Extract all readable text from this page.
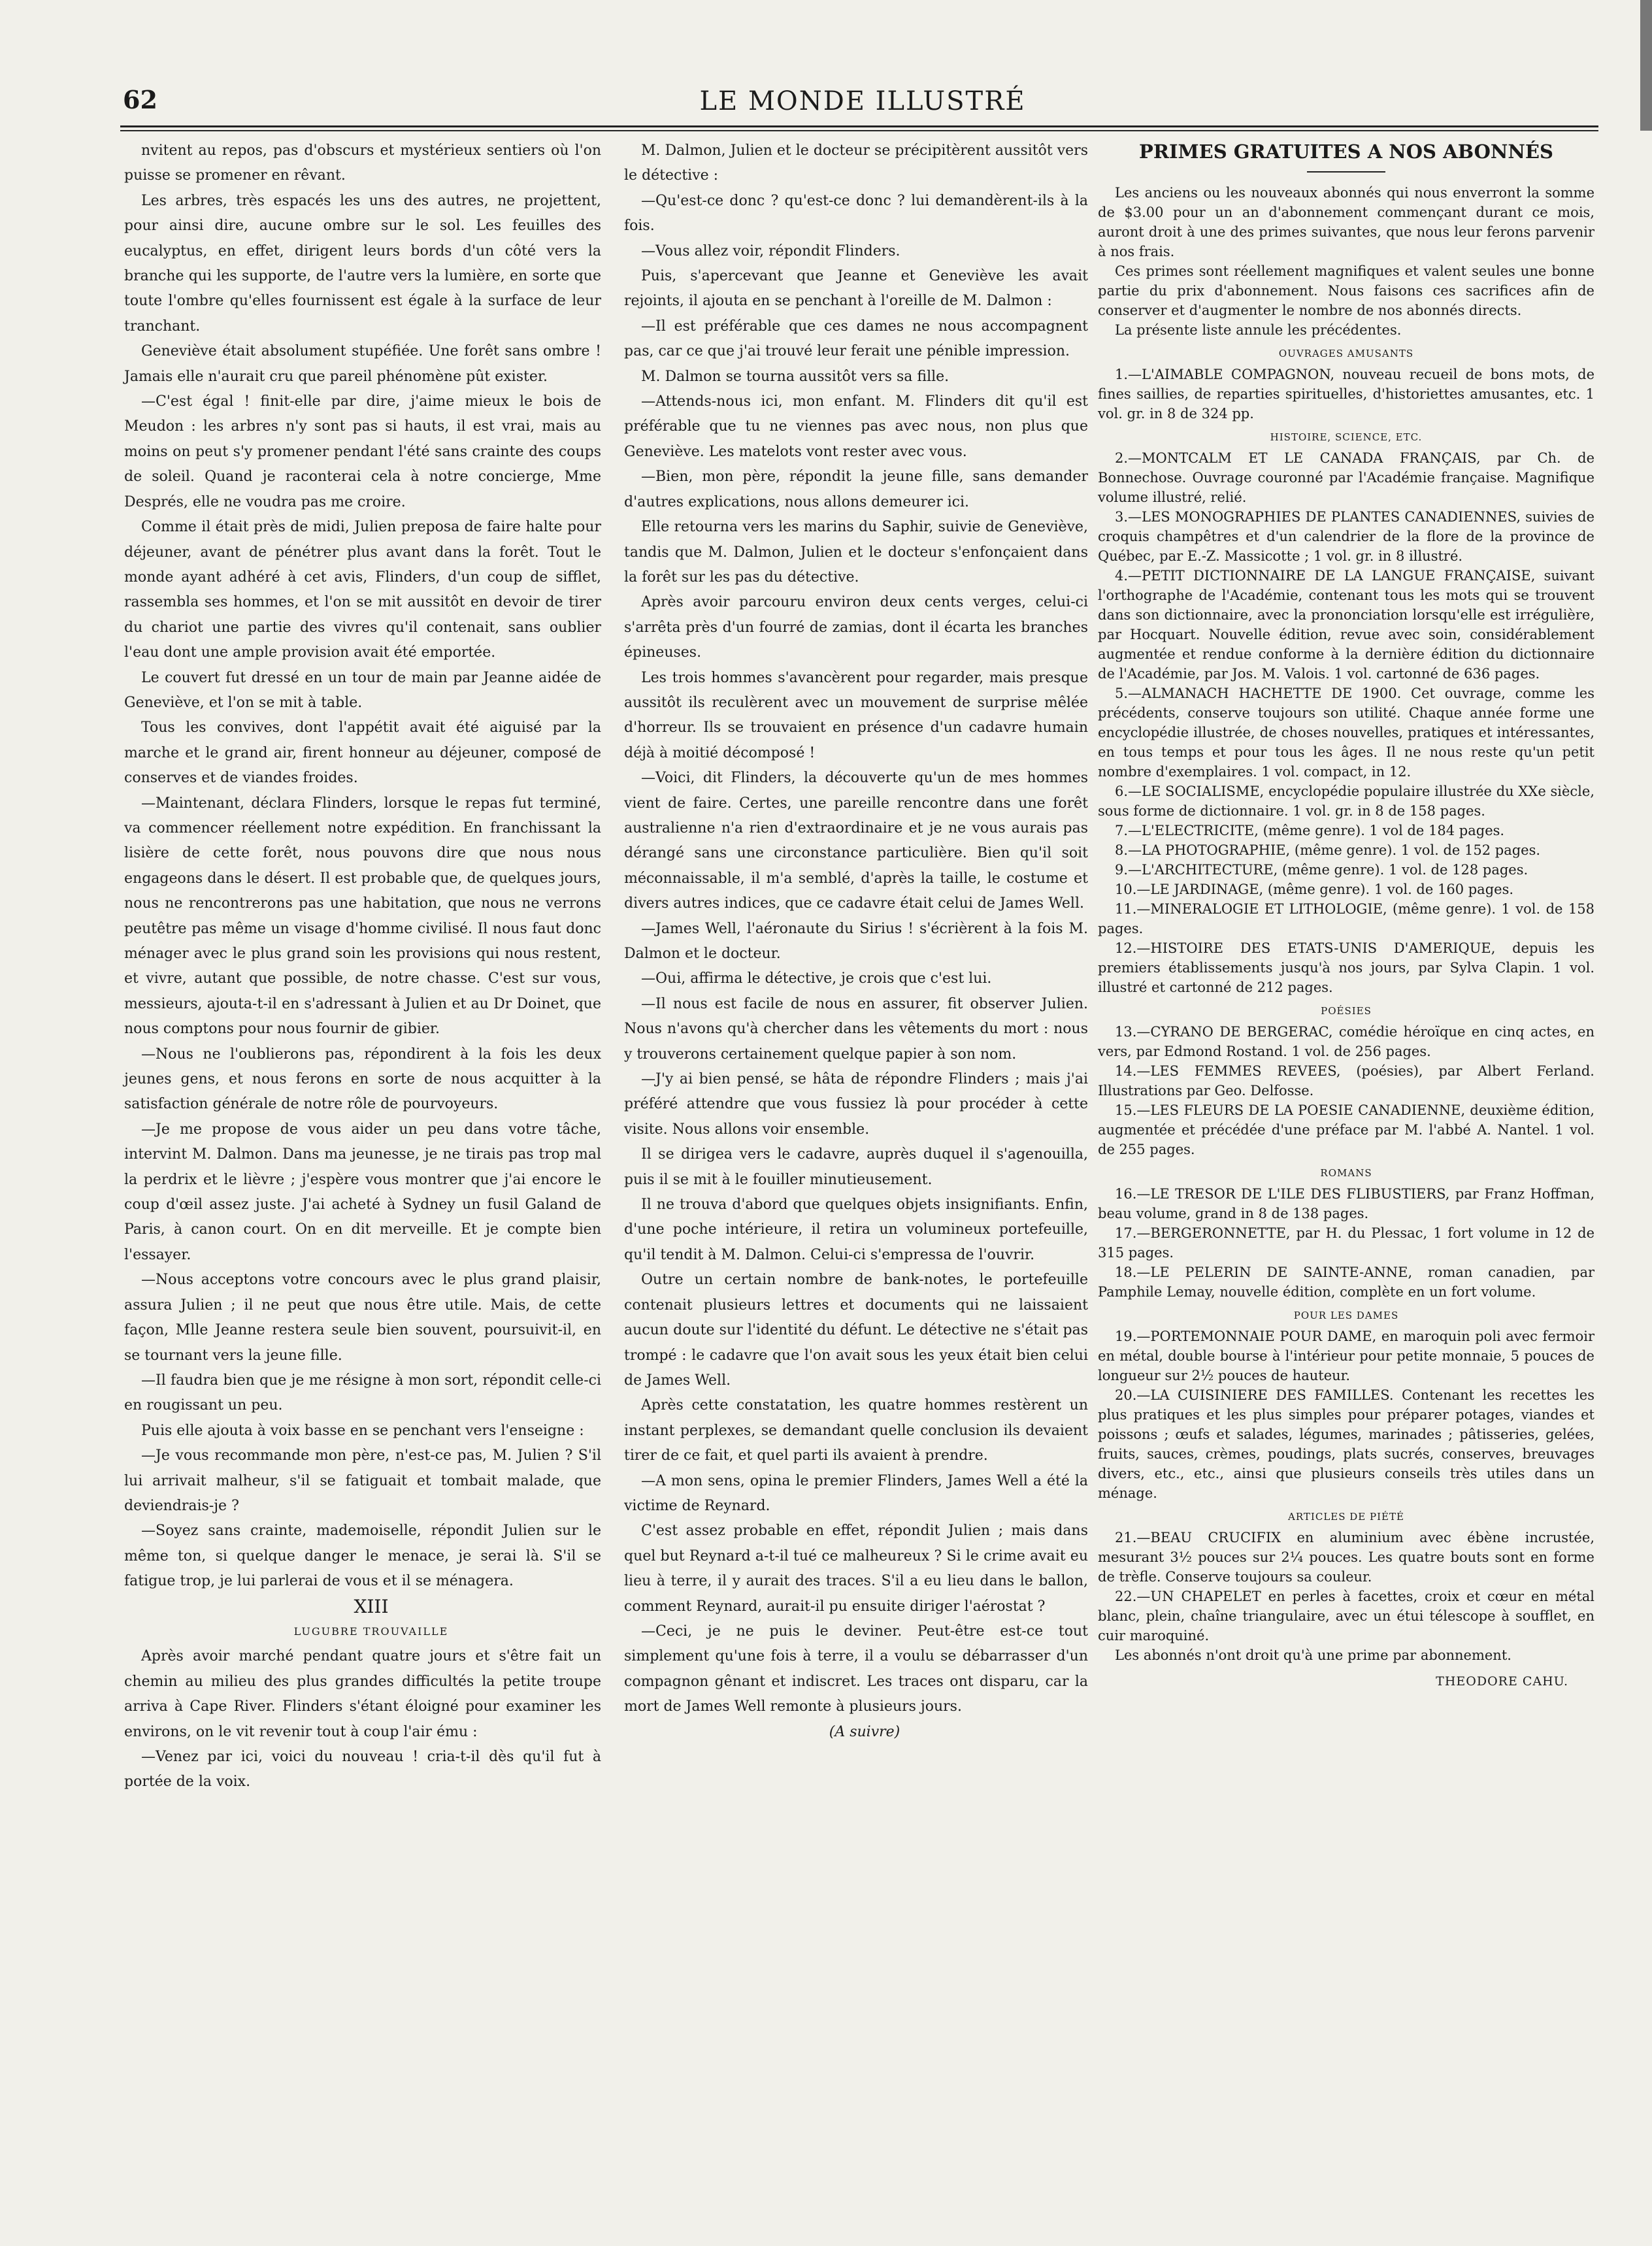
62	LE MONDE ILLUSTRÉ

nvitent au repos, pas d'obscurs et mystérieux sentiers où l'on puisse se promener en rêvant.

Les arbres, très espacés les uns des autres, ne projettent, pour ainsi dire, aucune ombre sur le sol. Les feuilles des eucalyptus, en effet, dirigent leurs bords d'un côté vers la branche qui les supporte, de l'autre vers la lumière, en sorte que toute l'ombre qu'elles fournissent est égale à la surface de leur tranchant.

Geneviève était absolument stupéfiée. Une forêt sans ombre ! Jamais elle n'aurait cru que pareil phénomène pût exister.

—C'est égal ! finit-elle par dire, j'aime mieux le bois de Meudon : les arbres n'y sont pas si hauts, il est vrai, mais au moins on peut s'y promener pendant l'été sans crainte des coups de soleil. Quand je raconterai cela à notre concierge, Mme Després, elle ne voudra pas me croire.

Comme il était près de midi, Julien preposa de faire halte pour déjeuner, avant de pénétrer plus avant dans la forêt. Tout le monde ayant adhéré à cet avis, Flinders, d'un coup de sifflet, rassembla ses hommes, et l'on se mit aussitôt en devoir de tirer du chariot une partie des vivres qu'il contenait, sans oublier l'eau dont une ample provision avait été emportée.

Le couvert fut dressé en un tour de main par Jeanne aidée de Geneviève, et l'on se mit à table.

Tous les convives, dont l'appétit avait été aiguisé par la marche et le grand air, firent honneur au déjeuner, composé de conserves et de viandes froides.

—Maintenant, déclara Flinders, lorsque le repas fut terminé, va commencer réellement notre expédition. En franchissant la lisière de cette forêt, nous pouvons dire que nous nous engageons dans le désert. Il est probable que, de quelques jours, nous ne rencontrerons pas une habitation, que nous ne verrons peutêtre pas même un visage d'homme civilisé. Il nous faut donc ménager avec le plus grand soin les provisions qui nous restent, et vivre, autant que possible, de notre chasse. C'est sur vous, messieurs, ajouta-t-il en s'adressant à Julien et au Dr Doinet, que nous comptons pour nous fournir de gibier.

—Nous ne l'oublierons pas, répondirent à la fois les deux jeunes gens, et nous ferons en sorte de nous acquitter à la satisfaction générale de notre rôle de pourvoyeurs.

—Je me propose de vous aider un peu dans votre tâche, intervint M. Dalmon. Dans ma jeunesse, je ne tirais pas trop mal la perdrix et le lièvre ; j'espère vous montrer que j'ai encore le coup d'œil assez juste. J'ai acheté à Sydney un fusil Galand de Paris, à canon court. On en dit merveille. Et je compte bien l'essayer.

—Nous acceptons votre concours avec le plus grand plaisir, assura Julien ; il ne peut que nous être utile. Mais, de cette façon, Mlle Jeanne restera seule bien souvent, poursuivit-il, en se tournant vers la jeune fille.

—Il faudra bien que je me résigne à mon sort, répondit celle-ci en rougissant un peu.

Puis elle ajouta à voix basse en se penchant vers l'enseigne :

—Je vous recommande mon père, n'est-ce pas, M. Julien ? S'il lui arrivait malheur, s'il se fatiguait et tombait malade, que deviendrais-je ?

—Soyez sans crainte, mademoiselle, répondit Julien sur le même ton, si quelque danger le menace, je serai là. S'il se fatigue trop, je lui parlerai de vous et il se ménagera.

XIII

LUGUBRE TROUVAILLE

Après avoir marché pendant quatre jours et s'être fait un chemin au milieu des plus grandes difficultés la petite troupe arriva à Cape River. Flinders s'étant éloigné pour examiner les environs, on le vit revenir tout à coup l'air ému :

—Venez par ici, voici du nouveau ! cria-t-il dès qu'il fut à portée de la voix.

M. Dalmon, Julien et le docteur se précipitèrent aussitôt vers le détective :

—Qu'est-ce donc ? qu'est-ce donc ? lui demandèrent-ils à la fois.

—Vous allez voir, répondit Flinders.

Puis, s'apercevant que Jeanne et Geneviève les avait rejoints, il ajouta en se penchant à l'oreille de M. Dalmon :

—Il est préférable que ces dames ne nous accompagnent pas, car ce que j'ai trouvé leur ferait une pénible impression.

M. Dalmon se tourna aussitôt vers sa fille.

—Attends-nous ici, mon enfant. M. Flinders dit qu'il est préférable que tu ne viennes pas avec nous, non plus que Geneviève. Les matelots vont rester avec vous.

—Bien, mon père, répondit la jeune fille, sans demander d'autres explications, nous allons demeurer ici.

Elle retourna vers les marins du Saphir, suivie de Geneviève, tandis que M. Dalmon, Julien et le docteur s'enfonçaient dans la forêt sur les pas du détective.

Après avoir parcouru environ deux cents verges, celui-ci s'arrêta près d'un fourré de zamias, dont il écarta les branches épineuses.

Les trois hommes s'avancèrent pour regarder, mais presque aussitôt ils reculèrent avec un mouvement de surprise mêlée d'horreur. Ils se trouvaient en présence d'un cadavre humain déjà à moitié décomposé !

—Voici, dit Flinders, la découverte qu'un de mes hommes vient de faire. Certes, une pareille rencontre dans une forêt australienne n'a rien d'extraordinaire et je ne vous aurais pas dérangé sans une circonstance particulière. Bien qu'il soit méconnaissable, il m'a semblé, d'après la taille, le costume et divers autres indices, que ce cadavre était celui de James Well.

—James Well, l'aéronaute du Sirius ! s'écrièrent à la fois M. Dalmon et le docteur.

—Oui, affirma le détective, je crois que c'est lui.

—Il nous est facile de nous en assurer, fit observer Julien. Nous n'avons qu'à chercher dans les vêtements du mort : nous y trouverons certainement quelque papier à son nom.

—J'y ai bien pensé, se hâta de répondre Flinders ; mais j'ai préféré attendre que vous fussiez là pour procéder à cette visite. Nous allons voir ensemble.

Il se dirigea vers le cadavre, auprès duquel il s'agenouilla, puis il se mit à le fouiller minutieusement.

Il ne trouva d'abord que quelques objets insignifiants. Enfin, d'une poche intérieure, il retira un volumineux portefeuille, qu'il tendit à M. Dalmon. Celui-ci s'empressa de l'ouvrir.

Outre un certain nombre de bank-notes, le portefeuille contenait plusieurs lettres et documents qui ne laissaient aucun doute sur l'identité du défunt. Le détective ne s'était pas trompé : le cadavre que l'on avait sous les yeux était bien celui de James Well.

Après cette constatation, les quatre hommes restèrent un instant perplexes, se demandant quelle conclusion ils devaient tirer de ce fait, et quel parti ils avaient à prendre.

—A mon sens, opina le premier Flinders, James Well a été la victime de Reynard.

C'est assez probable en effet, répondit Julien ; mais dans quel but Reynard a-t-il tué ce malheureux ? Si le crime avait eu lieu à terre, il y aurait des traces. S'il a eu lieu dans le ballon, comment Reynard, aurait-il pu ensuite diriger l'aérostat ?

—Ceci, je ne puis le deviner. Peut-être est-ce tout simplement qu'une fois à terre, il a voulu se débarrasser d'un compagnon gênant et indiscret. Les traces ont disparu, car la mort de James Well remonte à plusieurs jours.

(A suivre)

PRIMES GRATUITES A NOS ABONNÉS

Les anciens ou les nouveaux abonnés qui nous enverront la somme de $3.00 pour un an d'abonnement commençant durant ce mois, auront droit à une des primes suivantes, que nous leur ferons parvenir à nos frais.

Ces primes sont réellement magnifiques et valent seules une bonne partie du prix d'abonnement. Nous faisons ces sacrifices afin de conserver et d'augmenter le nombre de nos abonnés directs.

La présente liste annule les précédentes.

OUVRAGES AMUSANTS

1.—L'AIMABLE COMPAGNON, nouveau recueil de bons mots, de fines saillies, de reparties spirituelles, d'historiettes amusantes, etc. 1 vol. gr. in 8 de 324 pp.

HISTOIRE, SCIENCE, ETC.

2.—MONTCALM ET LE CANADA FRANÇAIS, par Ch. de Bonnechose. Ouvrage couronné par l'Académie française. Magnifique volume illustré, relié.

3.—LES MONOGRAPHIES DE PLANTES CANADIENNES, suivies de croquis champêtres et d'un calendrier de la flore de la province de Québec, par E.-Z. Massicotte ; 1 vol. gr. in 8 illustré.

4.—PETIT DICTIONNAIRE DE LA LANGUE FRANÇAISE, suivant l'orthographe de l'Académie, contenant tous les mots qui se trouvent dans son dictionnaire, avec la prononciation lorsqu'elle est irrégulière, par Hocquart. Nouvelle édition, revue avec soin, considérablement augmentée et rendue conforme à la dernière édition du dictionnaire de l'Académie, par Jos. M. Valois. 1 vol. cartonné de 636 pages.

5.—ALMANACH HACHETTE DE 1900. Cet ouvrage, comme les précédents, conserve toujours son utilité. Chaque année forme une encyclopédie illustrée, de choses nouvelles, pratiques et intéressantes, en tous temps et pour tous les âges. Il ne nous reste qu'un petit nombre d'exemplaires. 1 vol. compact, in 12.

6.—LE SOCIALISME, encyclopédie populaire illustrée du XXe siècle, sous forme de dictionnaire. 1 vol. gr. in 8 de 158 pages.

7.—L'ELECTRICITE, (même genre). 1 vol de 184 pages.

8.—LA PHOTOGRAPHIE, (même genre). 1 vol. de 152 pages.

9.—L'ARCHITECTURE, (même genre). 1 vol. de 128 pages.

10.—LE JARDINAGE, (même genre). 1 vol. de 160 pages.

11.—MINERALOGIE ET LITHOLOGIE, (même genre). 1 vol. de 158 pages.

12.—HISTOIRE DES ETATS-UNIS D'AMERIQUE, depuis les premiers établissements jusqu'à nos jours, par Sylva Clapin. 1 vol. illustré et cartonné de 212 pages.

POÉSIES

13.—CYRANO DE BERGERAC, comédie héroïque en cinq actes, en vers, par Edmond Rostand. 1 vol. de 256 pages.

14.—LES FEMMES REVEES, (poésies), par Albert Ferland. Illustrations par Geo. Delfosse.

15.—LES FLEURS DE LA POESIE CANADIENNE, deuxième édition, augmentée et précédée d'une préface par M. l'abbé A. Nantel. 1 vol. de 255 pages.

ROMANS

16.—LE TRESOR DE L'ILE DES FLIBUSTIERS, par Franz Hoffman, beau volume, grand in 8 de 138 pages.

17.—BERGERONNETTE, par H. du Plessac, 1 fort volume in 12 de 315 pages.

18.—LE PELERIN DE SAINTE-ANNE, roman canadien, par Pamphile Lemay, nouvelle édition, complète en un fort volume.

POUR LES DAMES

19.—PORTEMONNAIE POUR DAME, en maroquin poli avec fermoir en métal, double bourse à l'intérieur pour petite monnaie, 5 pouces de longueur sur 2½ pouces de hauteur.

20.—LA CUISINIERE DES FAMILLES. Contenant les recettes les plus pratiques et les plus simples pour préparer potages, viandes et poissons ; œufs et salades, légumes, marinades ; pâtisseries, gelées, fruits, sauces, crèmes, poudings, plats sucrés, conserves, breuvages divers, etc., etc., ainsi que plusieurs conseils très utiles dans un ménage.

ARTICLES DE PIÉTÉ

21.—BEAU CRUCIFIX en aluminium avec ébène incrustée, mesurant 3½ pouces sur 2¼ pouces. Les quatre bouts sont en forme de trèfle. Conserve toujours sa couleur.

22.—UN CHAPELET en perles à facettes, croix et cœur en métal blanc, plein, chaîne triangulaire, avec un étui télescope à soufflet, en cuir maroquiné.

Les abonnés n'ont droit qu'à une prime par abonnement.

THEODORE CAHU.
